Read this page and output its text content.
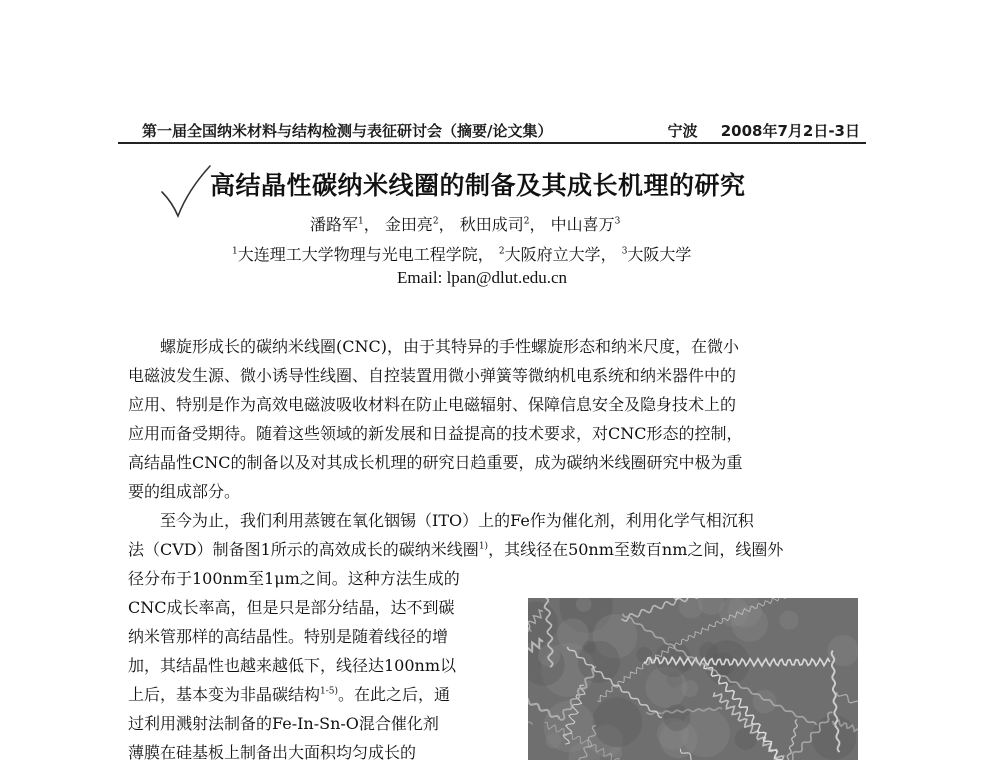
第一届全国纳米材料与结构检测与表征研讨会（摘要/论文集）	宁波 2008年7月2日-3日
高结晶性碳纳米线圈的制备及其成长机理的研究
潘路军$^1$， 金田亮$^2$， 秋田成司$^2$， 中山喜万$^3$
$^1$大连理工大学物理与光电工程学院， $^2$大阪府立大学， $^3$大阪大学
Email: lpan@dlut.edu.cn
螺旋形成长的碳纳米线圈(CNC)，由于其特异的手性螺旋形态和纳米尺度，在微小
电磁波发生源、微小诱导性线圈、自控装置用微小弹簧等微纳机电系统和纳米器件中的
应用、特别是作为高效电磁波吸收材料在防止电磁辐射、保障信息安全及隐身技术上的
应用而备受期待。随着这些领域的新发展和日益提高的技术要求，对CNC形态的控制，
高结晶性CNC的制备以及对其成长机理的研究日趋重要，成为碳纳米线圈研究中极为重
要的组成部分。
至今为止，我们利用蒸镀在氧化铟锡（ITO）上的Fe作为催化剂，利用化学气相沉积
法（CVD）制备图1所示的高效成长的碳纳米线圈$^{1)}$，其线径在50nm至数百nm之间，线圈外
径分布于100nm至1μm之间。这种方法生成的
CNC成长率高，但是只是部分结晶，达不到碳
纳米管那样的高结晶性。特别是随着线径的增
加，其结晶性也越来越低下，线径达100nm以
上后，基本变为非晶碳结构$^{1-5)}$。在此之后，通
过利用溅射法制备的Fe-In-Sn-O混合催化剂
薄膜在硅基板上制备出大面积均匀成长的
